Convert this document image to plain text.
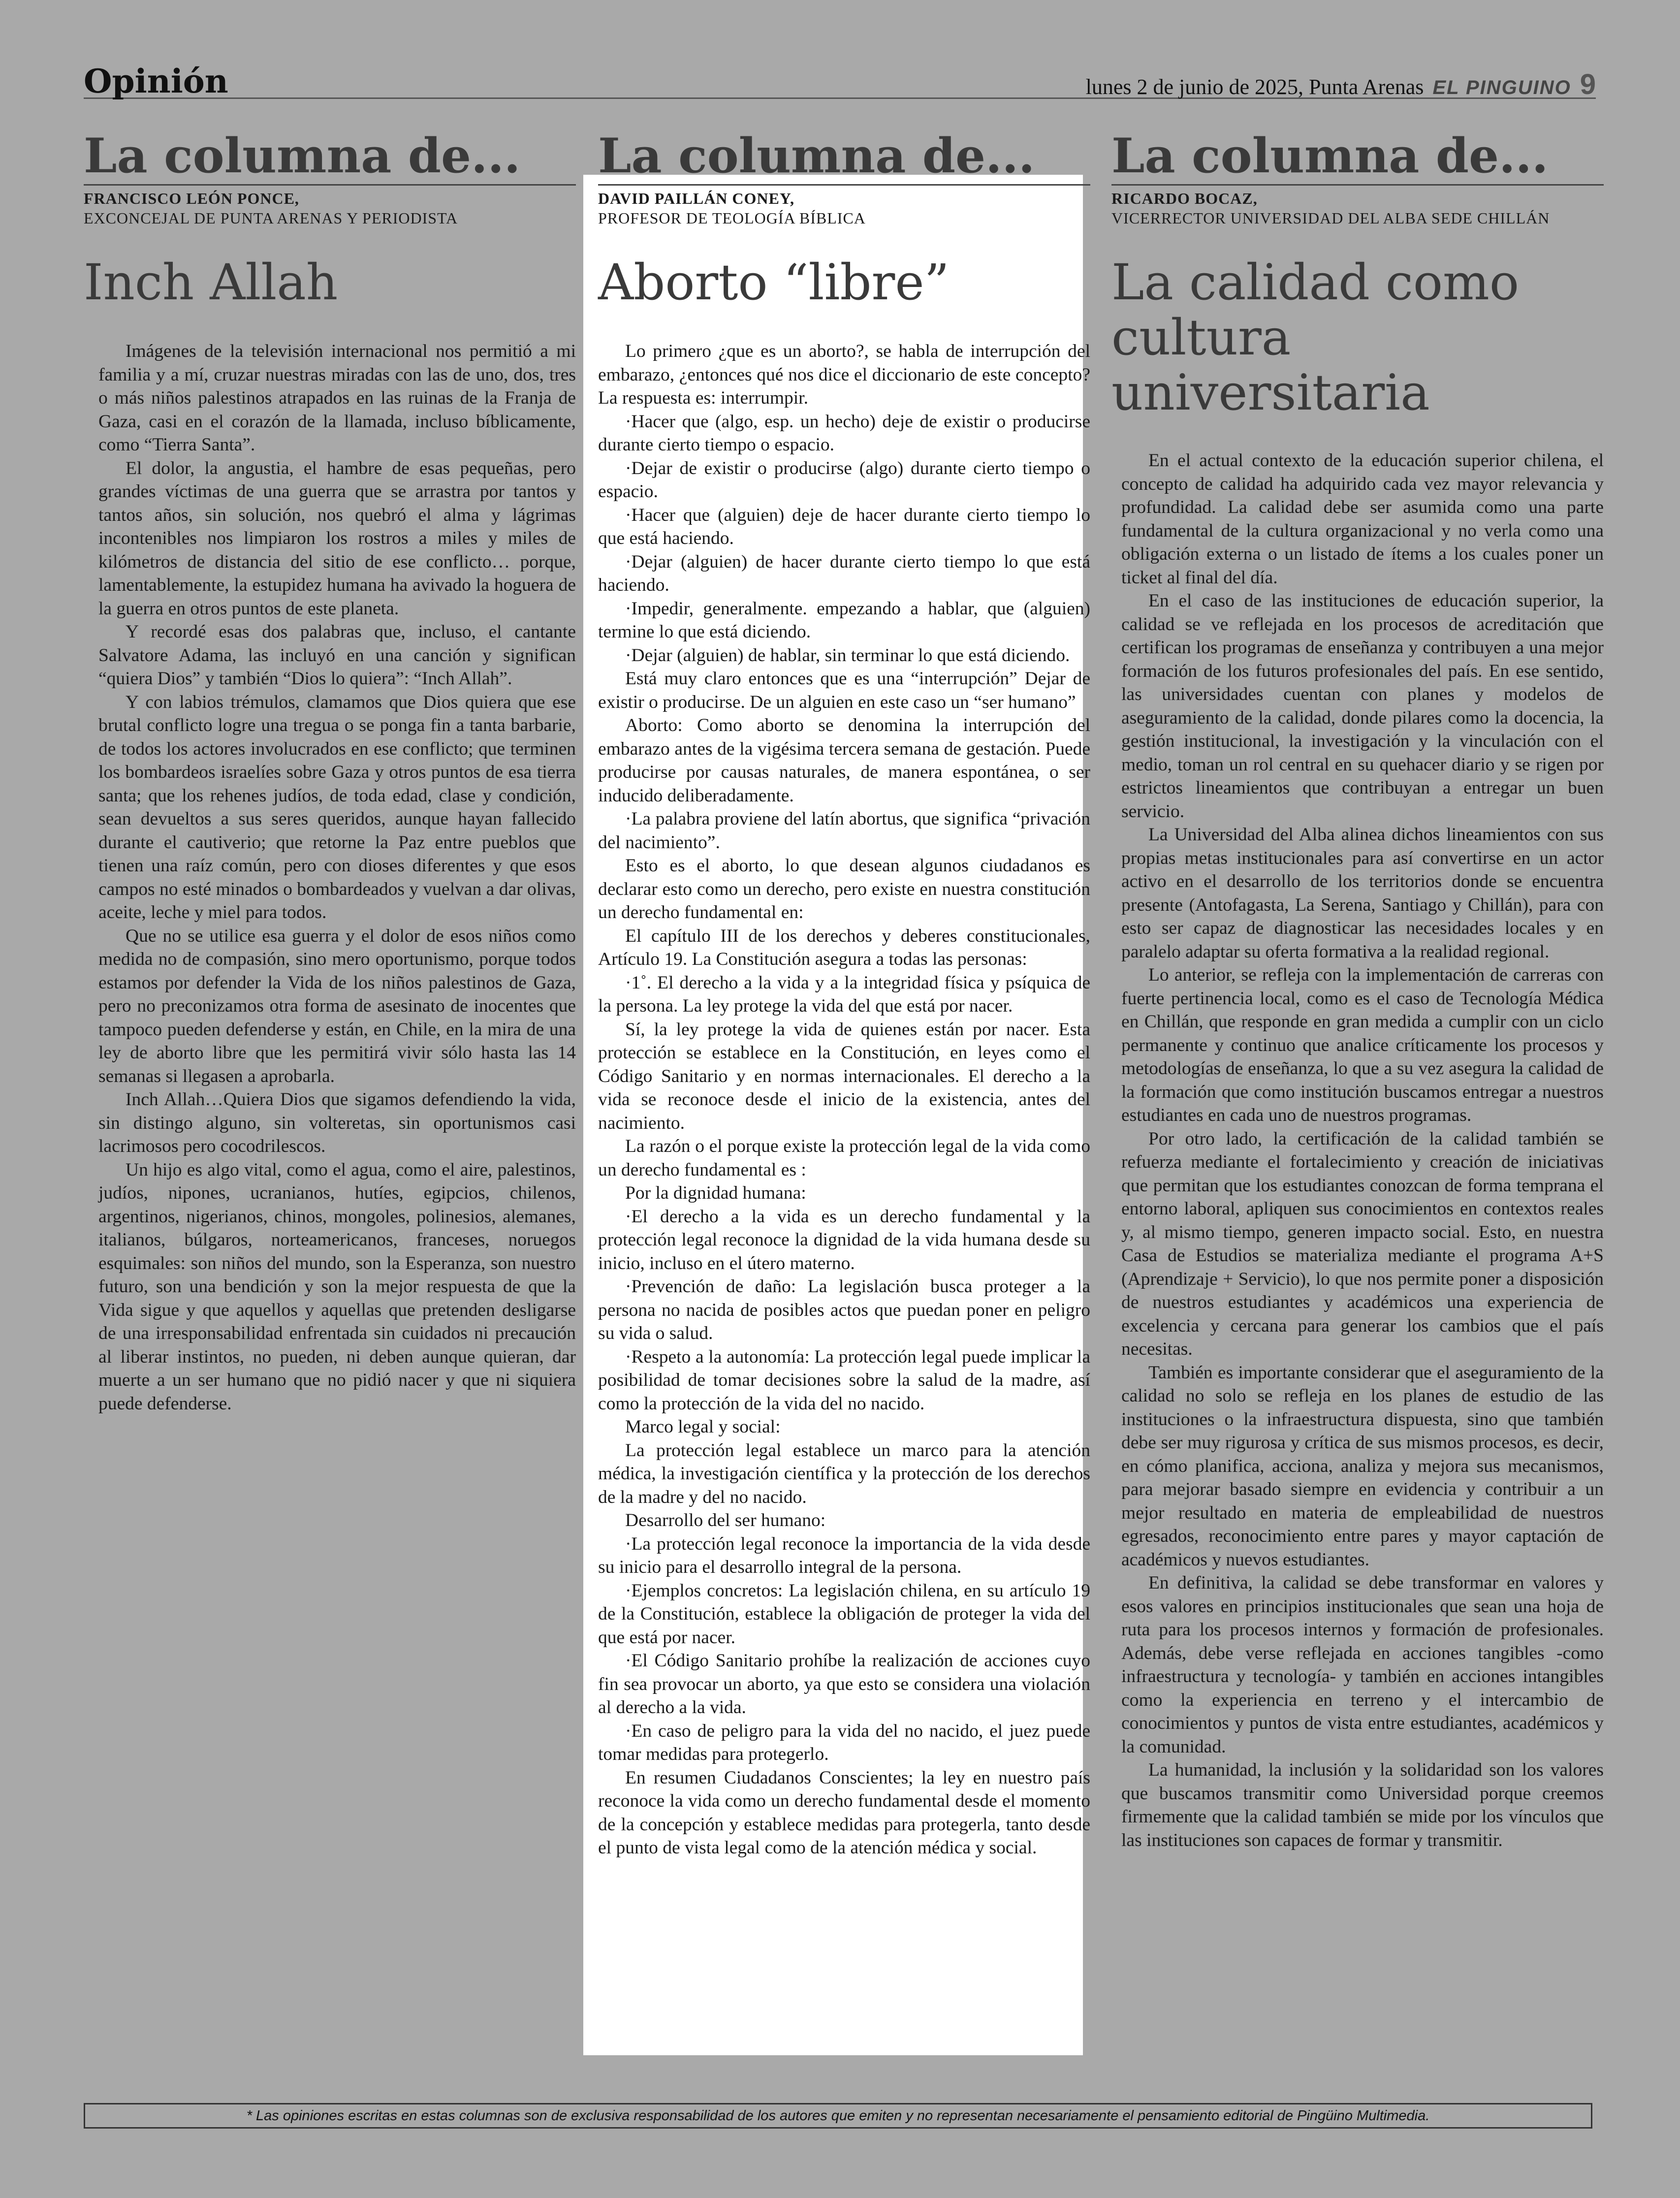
Opinión	lunes 2 de junio de 2025, Punta Arenas EL PINGUINO 9
La columna de...
FRANCISCO LEÓN PONCE,
EXCONCEJAL DE PUNTA ARENAS Y PERIODISTA
Inch Allah

Imágenes de la televisión internacional nos permitió a mi familia y a mí, cruzar nuestras miradas con las de uno, dos, tres o más niños palestinos atrapados en las ruinas de la Franja de Gaza, casi en el corazón de la llamada, incluso bíblicamente, como “Tierra Santa”.

El dolor, la angustia, el hambre de esas pequeñas, pero grandes víctimas de una guerra que se arrastra por tantos y tantos años, sin solución, nos quebró el alma y lágrimas incontenibles nos limpiaron los rostros a miles y miles de kilómetros de distancia del sitio de ese conflicto… porque, lamentablemente, la estupidez humana ha avivado la hoguera de la guerra en otros puntos de este planeta.

Y recordé esas dos palabras que, incluso, el cantante Salvatore Adama, las incluyó en una canción y significan “quiera Dios” y también “Dios lo quiera”: “Inch Allah”.

Y con labios trémulos, clamamos que Dios quiera que ese brutal conflicto logre una tregua o se ponga fin a tanta barbarie, de todos los actores involucrados en ese conflicto; que terminen los bombardeos israelíes sobre Gaza y otros puntos de esa tierra santa; que los rehenes judíos, de toda edad, clase y condición, sean devueltos a sus seres queridos, aunque hayan fallecido durante el cautiverio; que retorne la Paz entre pueblos que tienen una raíz común, pero con dioses diferentes y que esos campos no esté minados o bombardeados y vuelvan a dar olivas, aceite, leche y miel para todos.

Que no se utilice esa guerra y el dolor de esos niños como medida no de compasión, sino mero oportunismo, porque todos estamos por defender la Vida de los niños palestinos de Gaza, pero no preconizamos otra forma de asesinato de inocentes que tampoco pueden defenderse y están, en Chile, en la mira de una ley de aborto libre que les permitirá vivir sólo hasta las 14 semanas si llegasen a aprobarla.

Inch Allah…Quiera Dios que sigamos defendiendo la vida, sin distingo alguno, sin volteretas, sin oportunismos casi lacrimosos pero cocodrilescos.

Un hijo es algo vital, como el agua, como el aire, palestinos, judíos, nipones, ucranianos, hutíes, egipcios, chilenos, argentinos, nigerianos, chinos, mongoles, polinesios, alemanes, italianos, búlgaros, norteamericanos, franceses, noruegos esquimales: son niños del mundo, son la Esperanza, son nuestro futuro, son una bendición y son la mejor respuesta de que la Vida sigue y que aquellos y aquellas que pretenden desligarse de una irresponsabilidad enfrentada sin cuidados ni precaución al liberar instintos, no pueden, ni deben aunque quieran, dar muerte a un ser humano que no pidió nacer y que ni siquiera puede defenderse.

La columna de...
DAVID PAILLÁN CONEY,
PROFESOR DE TEOLOGÍA BÍBLICA
Aborto “libre”

Lo primero ¿que es un aborto?, se habla de interrupción del embarazo, ¿entonces qué nos dice el diccionario de este concepto? La respuesta es: interrumpir.

·Hacer que (algo, esp. un hecho) deje de existir o producirse durante cierto tiempo o espacio.

·Dejar de existir o producirse (algo) durante cierto tiempo o espacio.

·Hacer que (alguien) deje de hacer durante cierto tiempo lo que está haciendo.

·Dejar (alguien) de hacer durante cierto tiempo lo que está haciendo.

·Impedir, generalmente. empezando a hablar, que (alguien) termine lo que está diciendo.

·Dejar (alguien) de hablar, sin terminar lo que está diciendo.

Está muy claro entonces que es una “interrupción” Dejar de existir o producirse. De un alguien en este caso un “ser humano”

Aborto: Como aborto se denomina la interrupción del embarazo antes de la vigésima tercera semana de gestación. Puede producirse por causas naturales, de manera espontánea, o ser inducido deliberadamente.

·La palabra proviene del latín abortus, que significa “privación del nacimiento”.

Esto es el aborto, lo que desean algunos ciudadanos es declarar esto como un derecho, pero existe en nuestra constitución un derecho fundamental en:

El capítulo III de los derechos y deberes constitucionales, Artículo 19. La Constitución asegura a todas las personas:

·1˚. El derecho a la vida y a la integridad física y psíquica de la persona. La ley protege la vida del que está por nacer.

Sí, la ley protege la vida de quienes están por nacer. Esta protección se establece en la Constitución, en leyes como el Código Sanitario y en normas internacionales. El derecho a la vida se reconoce desde el inicio de la existencia, antes del nacimiento.

La razón o el porque existe la protección legal de la vida como un derecho fundamental es :

Por la dignidad humana:

·El derecho a la vida es un derecho fundamental y la protección legal reconoce la dignidad de la vida humana desde su inicio, incluso en el útero materno.

·Prevención de daño: La legislación busca proteger a la persona no nacida de posibles actos que puedan poner en peligro su vida o salud.

·Respeto a la autonomía: La protección legal puede implicar la posibilidad de tomar decisiones sobre la salud de la madre, así como la protección de la vida del no nacido.

Marco legal y social:

La protección legal establece un marco para la atención médica, la investigación científica y la protección de los derechos de la madre y del no nacido.

Desarrollo del ser humano:

·La protección legal reconoce la importancia de la vida desde su inicio para el desarrollo integral de la persona.

·Ejemplos concretos: La legislación chilena, en su artículo 19 de la Constitución, establece la obligación de proteger la vida del que está por nacer.

·El Código Sanitario prohíbe la realización de acciones cuyo fin sea provocar un aborto, ya que esto se considera una violación al derecho a la vida.

·En caso de peligro para la vida del no nacido, el juez puede tomar medidas para protegerlo.

En resumen Ciudadanos Conscientes; la ley en nuestro país reconoce la vida como un derecho fundamental desde el momento de la concepción y establece medidas para protegerla, tanto desde el punto de vista legal como de la atención médica y social.

La columna de...
RICARDO BOCAZ,
VICERRECTOR UNIVERSIDAD DEL ALBA SEDE CHILLÁN
La calidad como cultura universitaria

En el actual contexto de la educación superior chilena, el concepto de calidad ha adquirido cada vez mayor relevancia y profundidad. La calidad debe ser asumida como una parte fundamental de la cultura organizacional y no verla como una obligación externa o un listado de ítems a los cuales poner un ticket al final del día.

En el caso de las instituciones de educación superior, la calidad se ve reflejada en los procesos de acreditación que certifican los programas de enseñanza y contribuyen a una mejor formación de los futuros profesionales del país. En ese sentido, las universidades cuentan con planes y modelos de aseguramiento de la calidad, donde pilares como la docencia, la gestión institucional, la investigación y la vinculación con el medio, toman un rol central en su quehacer diario y se rigen por estrictos lineamientos que contribuyan a entregar un buen servicio.

La Universidad del Alba alinea dichos lineamientos con sus propias metas institucionales para así convertirse en un actor activo en el desarrollo de los territorios donde se encuentra presente (Antofagasta, La Serena, Santiago y Chillán), para con esto ser capaz de diagnosticar las necesidades locales y en paralelo adaptar su oferta formativa a la realidad regional.

Lo anterior, se refleja con la implementación de carreras con fuerte pertinencia local, como es el caso de Tecnología Médica en Chillán, que responde en gran medida a cumplir con un ciclo permanente y continuo que analice críticamente los procesos y metodologías de enseñanza, lo que a su vez asegura la calidad de la formación que como institución buscamos entregar a nuestros estudiantes en cada uno de nuestros programas.

Por otro lado, la certificación de la calidad también se refuerza mediante el fortalecimiento y creación de iniciativas que permitan que los estudiantes conozcan de forma temprana el entorno laboral, apliquen sus conocimientos en contextos reales y, al mismo tiempo, generen impacto social. Esto, en nuestra Casa de Estudios se materializa mediante el programa A+S (Aprendizaje + Servicio), lo que nos permite poner a disposición de nuestros estudiantes y académicos una experiencia de excelencia y cercana para generar los cambios que el país necesitas.

También es importante considerar que el aseguramiento de la calidad no solo se refleja en los planes de estudio de las instituciones o la infraestructura dispuesta, sino que también debe ser muy rigurosa y crítica de sus mismos procesos, es decir, en cómo planifica, acciona, analiza y mejora sus mecanismos, para mejorar basado siempre en evidencia y contribuir a un mejor resultado en materia de empleabilidad de nuestros egresados, reconocimiento entre pares y mayor captación de académicos y nuevos estudiantes.

En definitiva, la calidad se debe transformar en valores y esos valores en principios institucionales que sean una hoja de ruta para los procesos internos y formación de profesionales. Además, debe verse reflejada en acciones tangibles -como infraestructura y tecnología- y también en acciones intangibles como la experiencia en terreno y el intercambio de conocimientos y puntos de vista entre estudiantes, académicos y la comunidad.

La humanidad, la inclusión y la solidaridad son los valores que buscamos transmitir como Universidad porque creemos firmemente que la calidad también se mide por los vínculos que las instituciones son capaces de formar y transmitir.

* Las opiniones escritas en estas columnas son de exclusiva responsabilidad de los autores que emiten y no representan necesariamente el pensamiento editorial de Pingüino Multimedia.
